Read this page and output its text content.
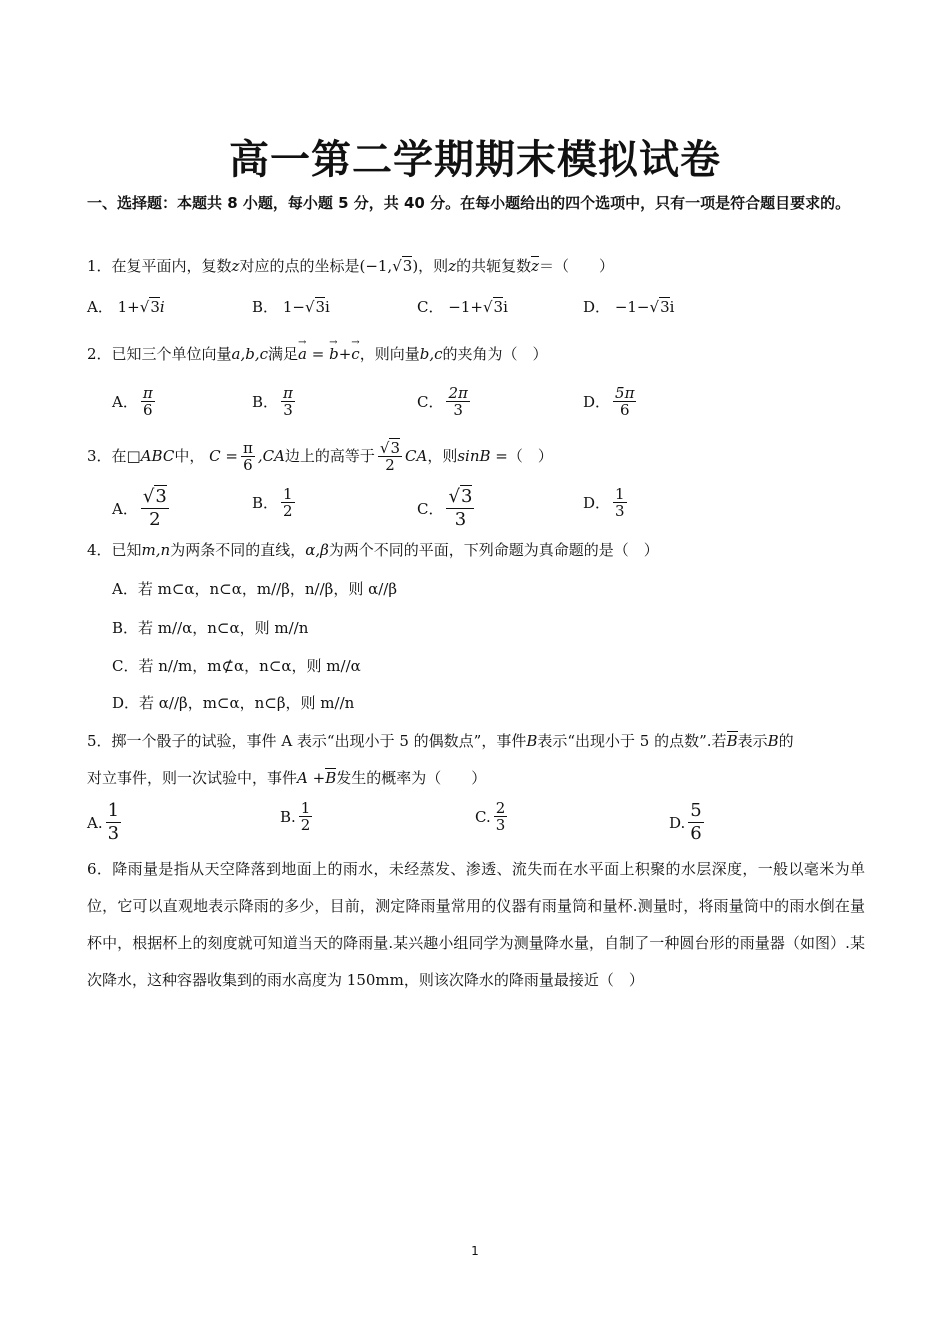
高一第二学期期末模拟试卷
一、选择题：本题共 8 小题，每小题 5 分，共 40 分。在每小题给出的四个选项中，只有一项是符合题目要求的。
1．在复平面内，复数z对应的点的坐标是(−1,√3)，则z的共轭复数z＝（　　）
A．
1+ √ 3 i	B．
1− √ 3 i	C．
−1+ √ 3 i	D．
−1− √ 3 i
2．已知三个单位向量a,b,c满足→ a = → b+→ c，则向量b,c的夹角为（　）
A． $\frac{\pi}{6}$	B． $\frac{\pi}{3}$	C． $\frac{2\pi}{3}$	D． $\frac{5\pi}{6}$
3．在 □ABC 中，
$C = \frac{\pi}{6} ,CA$ 边上的高等于 $\frac{√3}{2}$ CA ，则 sinB = （　）
A． $\frac{√3}{2}$	B． $\frac{1}{2}$	C． $\frac{√3}{3}$	D． $\frac{1}{3}$
4．已知m,n为两条不同的直线，α,β为两个不同的平面，下列命题为真命题的是（　）
A．若 m⊂α，n⊂α，m//β，n//β，则 α//β
B．若 m//α，n⊂α，则 m//n
C．若 n//m，m⊄α，n⊂α，则 m//α
D．若 α//β，m⊂α，n⊂β，则 m//n
5．掷一个骰子的试验，事件 A 表示“出现小于 5 的偶数点”，事件B表示“出现小于 5 的点数”.若B表示B的
对立事件，则一次试验中，事件A +B发生的概率为（　　）
A. $\frac{1}{3}$	B. $\frac{1}{2}$	C. $\frac{2}{3}$	D. $\frac{5}{6}$
6．降雨量是指从天空降落到地面上的雨水，未经蒸发、渗透、流失而在水平面上积聚的水层深度，一般以毫米为单位，它可以直观地表示降雨的多少，目前，测定降雨量常用的仪器有雨量筒和量杯.测量时，将雨量筒中的雨水倒在量杯中，根据杯上的刻度就可知道当天的降雨量.某兴趣小组同学为测量降水量，自制了一种圆台形的雨量器（如图）.某次降水，这种容器收集到的雨水高度为 150mm，则该次降水的降雨量最接近（　）
1
